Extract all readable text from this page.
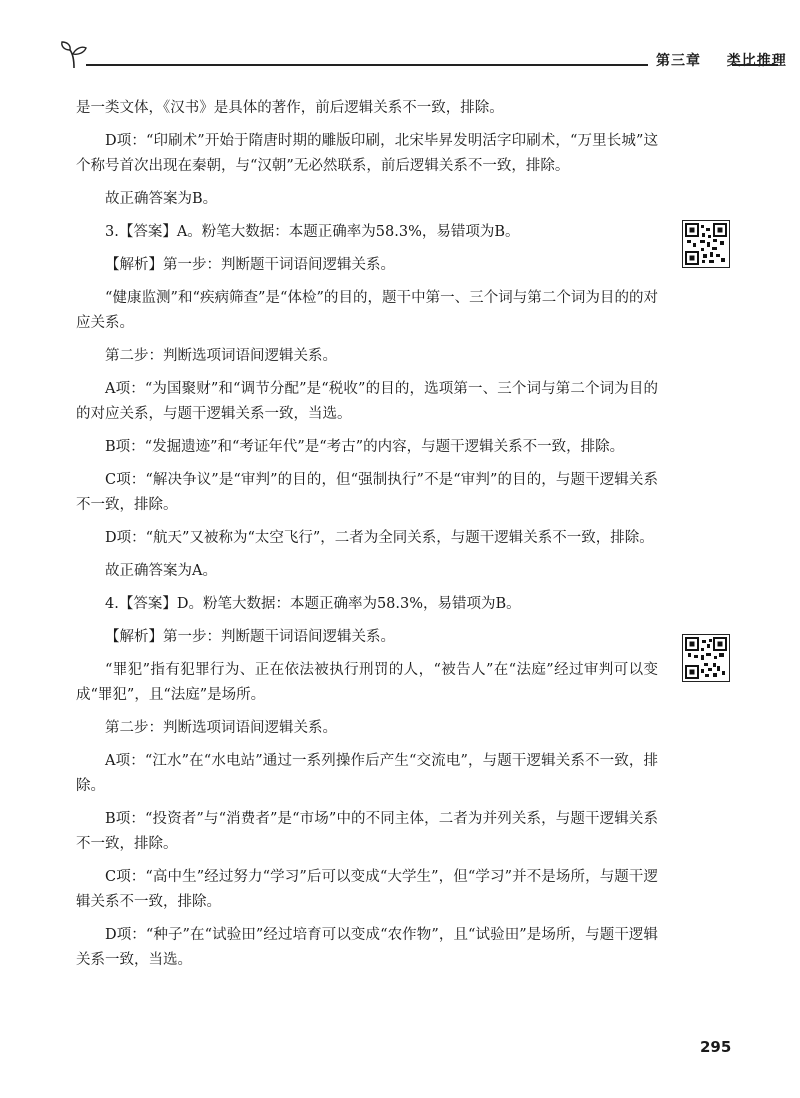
第三章 类比推理

是一类文体，《汉书》是具体的著作，前后逻辑关系不一致，排除。

D项：“印刷术”开始于隋唐时期的雕版印刷，北宋毕昇发明活字印刷术，“万里长城”这个称号首次出现在秦朝，与“汉朝”无必然联系，前后逻辑关系不一致，排除。

故正确答案为B。

3.【答案】A。粉笔大数据：本题正确率为58.3%，易错项为B。

【解析】第一步：判断题干词语间逻辑关系。

“健康监测”和“疾病筛查”是“体检”的目的，题干中第一、三个词与第二个词为目的的对应关系。

第二步：判断选项词语间逻辑关系。

A项：“为国聚财”和“调节分配”是“税收”的目的，选项第一、三个词与第二个词为目的的对应关系，与题干逻辑关系一致，当选。

B项：“发掘遗迹”和“考证年代”是“考古”的内容，与题干逻辑关系不一致，排除。

C项：“解决争议”是“审判”的目的，但“强制执行”不是“审判”的目的，与题干逻辑关系不一致，排除。

D项：“航天”又被称为“太空飞行”，二者为全同关系，与题干逻辑关系不一致，排除。

故正确答案为A。

4.【答案】D。粉笔大数据：本题正确率为58.3%，易错项为B。

【解析】第一步：判断题干词语间逻辑关系。

“罪犯”指有犯罪行为、正在依法被执行刑罚的人，“被告人”在“法庭”经过审判可以变成“罪犯”，且“法庭”是场所。

第二步：判断选项词语间逻辑关系。

A项：“江水”在“水电站”通过一系列操作后产生“交流电”，与题干逻辑关系不一致，排除。

B项：“投资者”与“消费者”是“市场”中的不同主体，二者为并列关系，与题干逻辑关系不一致，排除。

C项：“高中生”经过努力“学习”后可以变成“大学生”，但“学习”并不是场所，与题干逻辑关系不一致，排除。

D项：“种子”在“试验田”经过培育可以变成“农作物”，且“试验田”是场所，与题干逻辑关系一致，当选。

295
